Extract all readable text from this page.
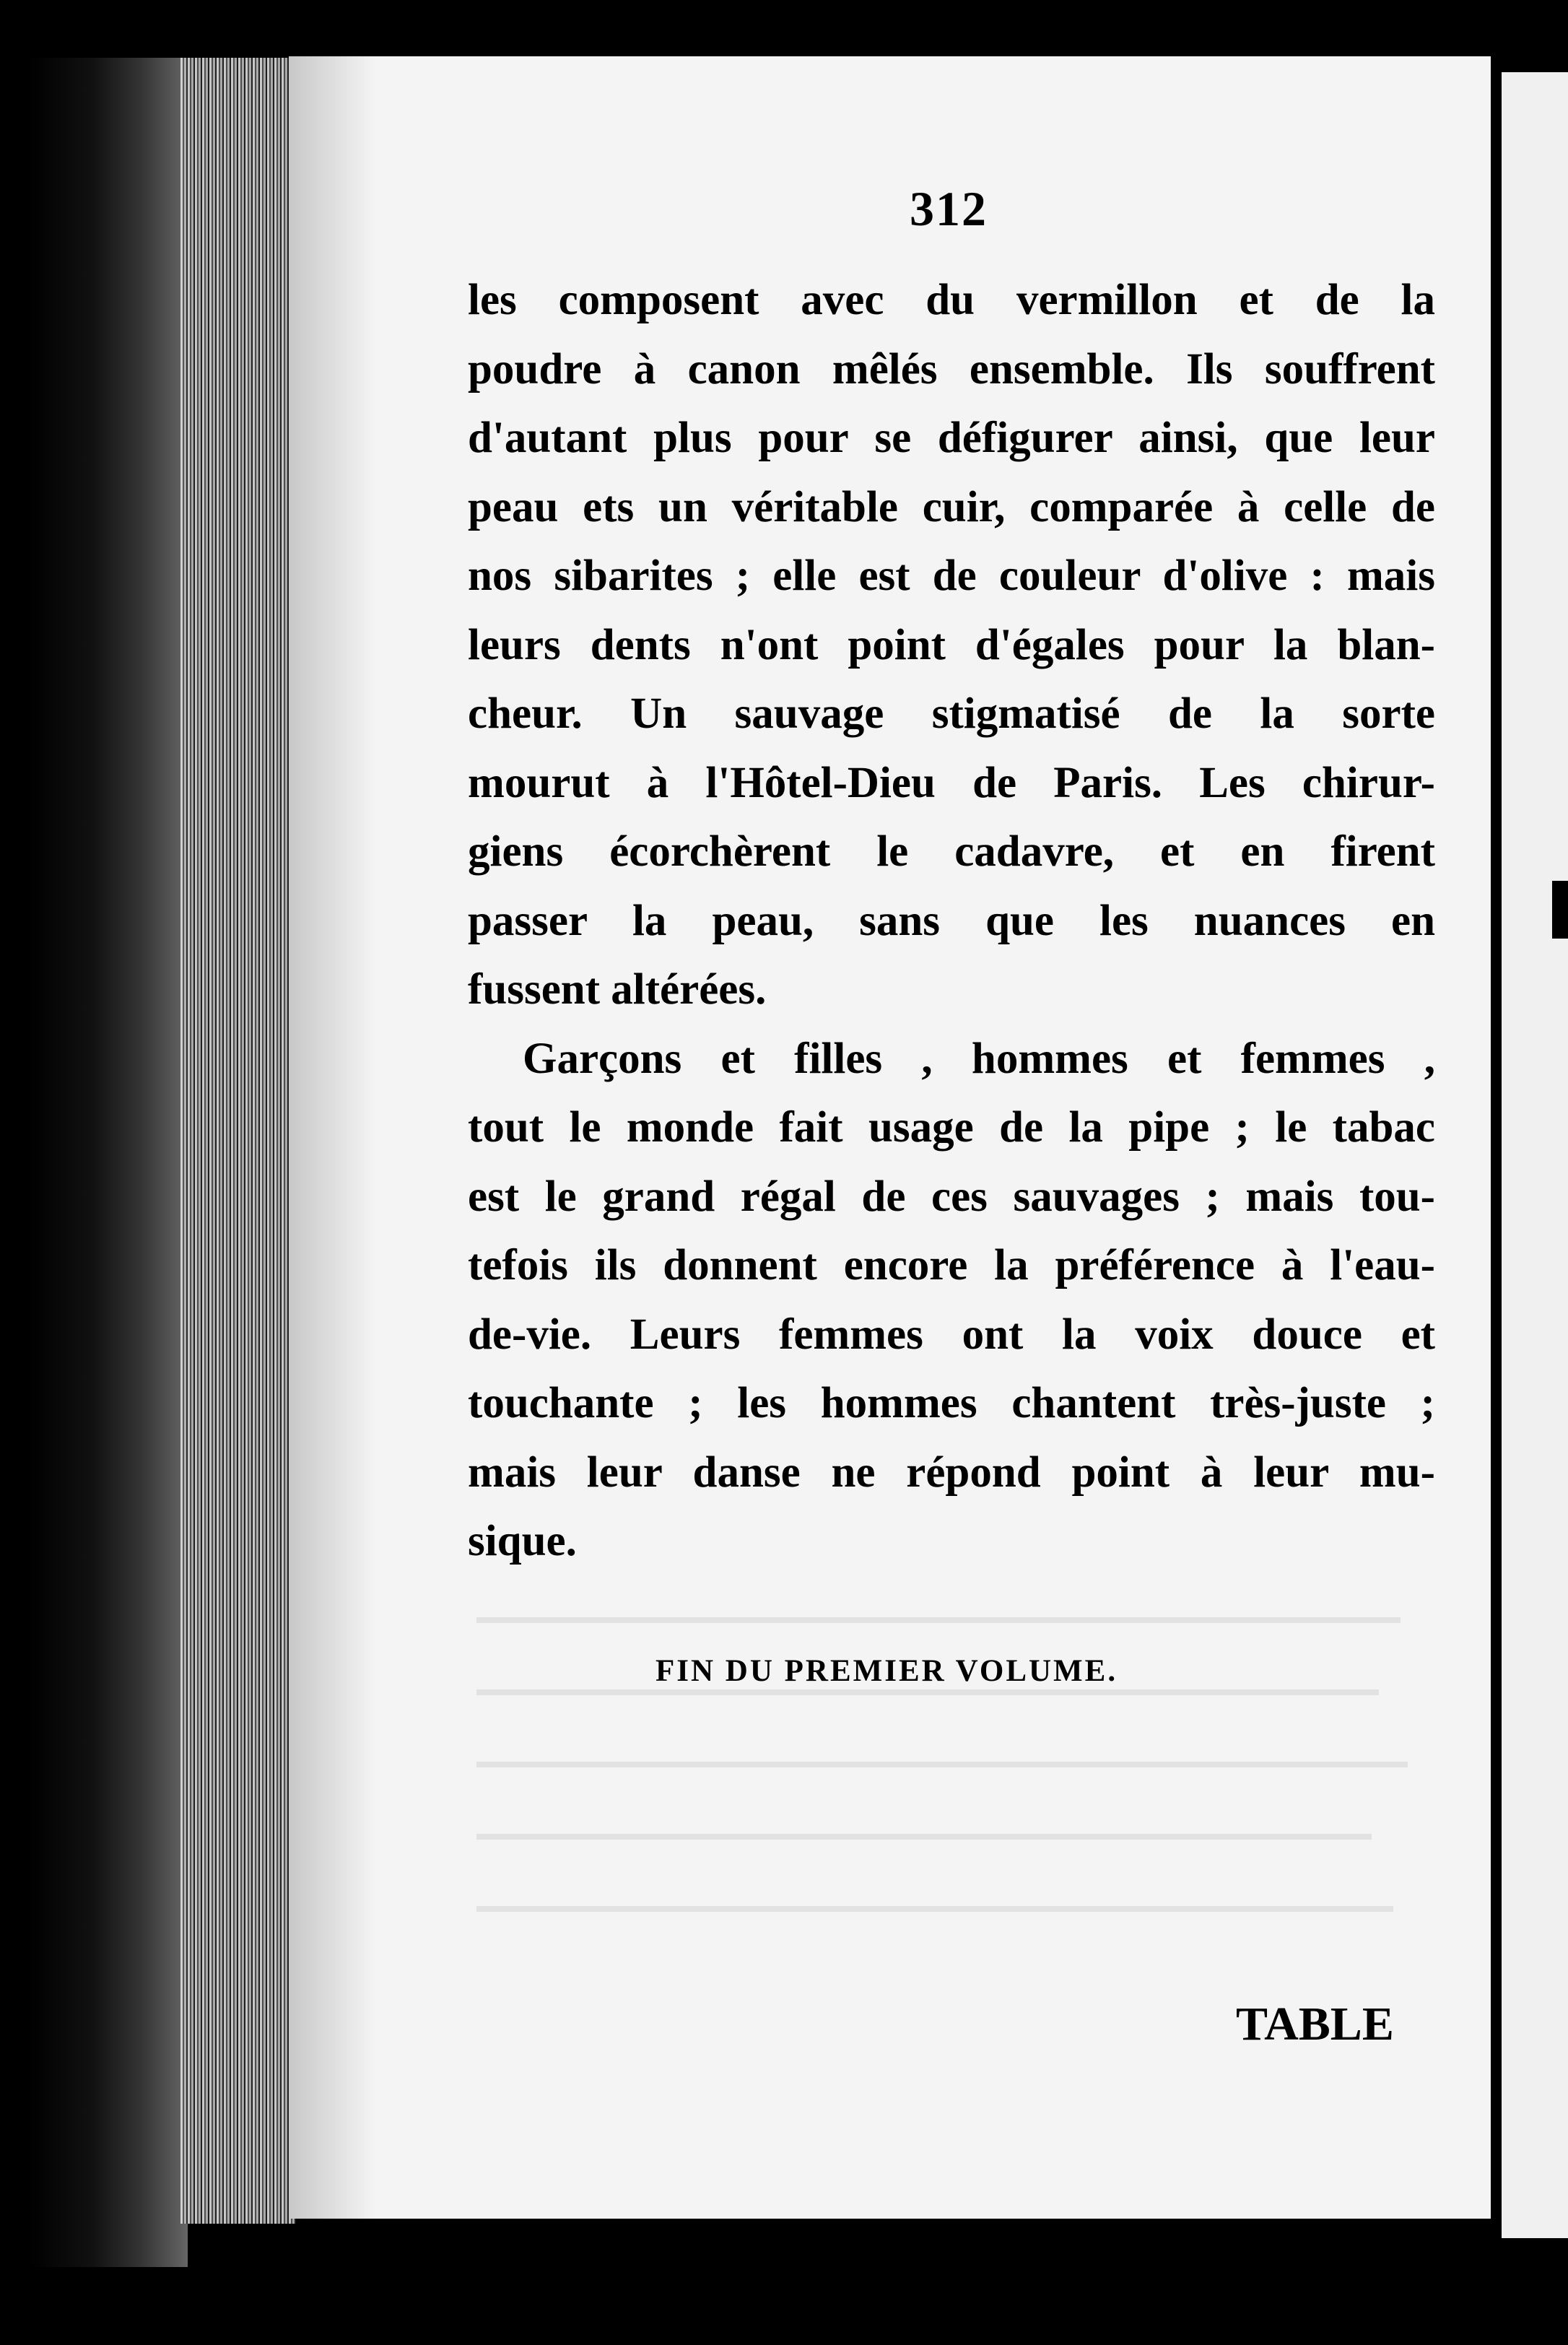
312
les composent avec du vermillon et de la
poudre à canon mêlés ensemble. Ils souffrent
d'autant plus pour se défigurer ainsi, que leur
peau ets un véritable cuir, comparée à celle de
nos sibarites ; elle est de couleur d'olive : mais
leurs dents n'ont point d'égales pour la blan-
cheur. Un sauvage stigmatisé de la sorte
mourut à l'Hôtel-Dieu de Paris. Les chirur-
giens écorchèrent le cadavre, et en firent
passer la peau, sans que les nuances en
fussent altérées.
Garçons et filles , hommes et femmes ,
tout le monde fait usage de la pipe ; le tabac
est le grand régal de ces sauvages ; mais tou-
tefois ils donnent encore la préférence à l'eau-
de-vie. Leurs femmes ont la voix douce et
touchante ; les hommes chantent très-juste ;
mais leur danse ne répond point à leur mu-
sique.
FIN DU PREMIER VOLUME.
TABLE
